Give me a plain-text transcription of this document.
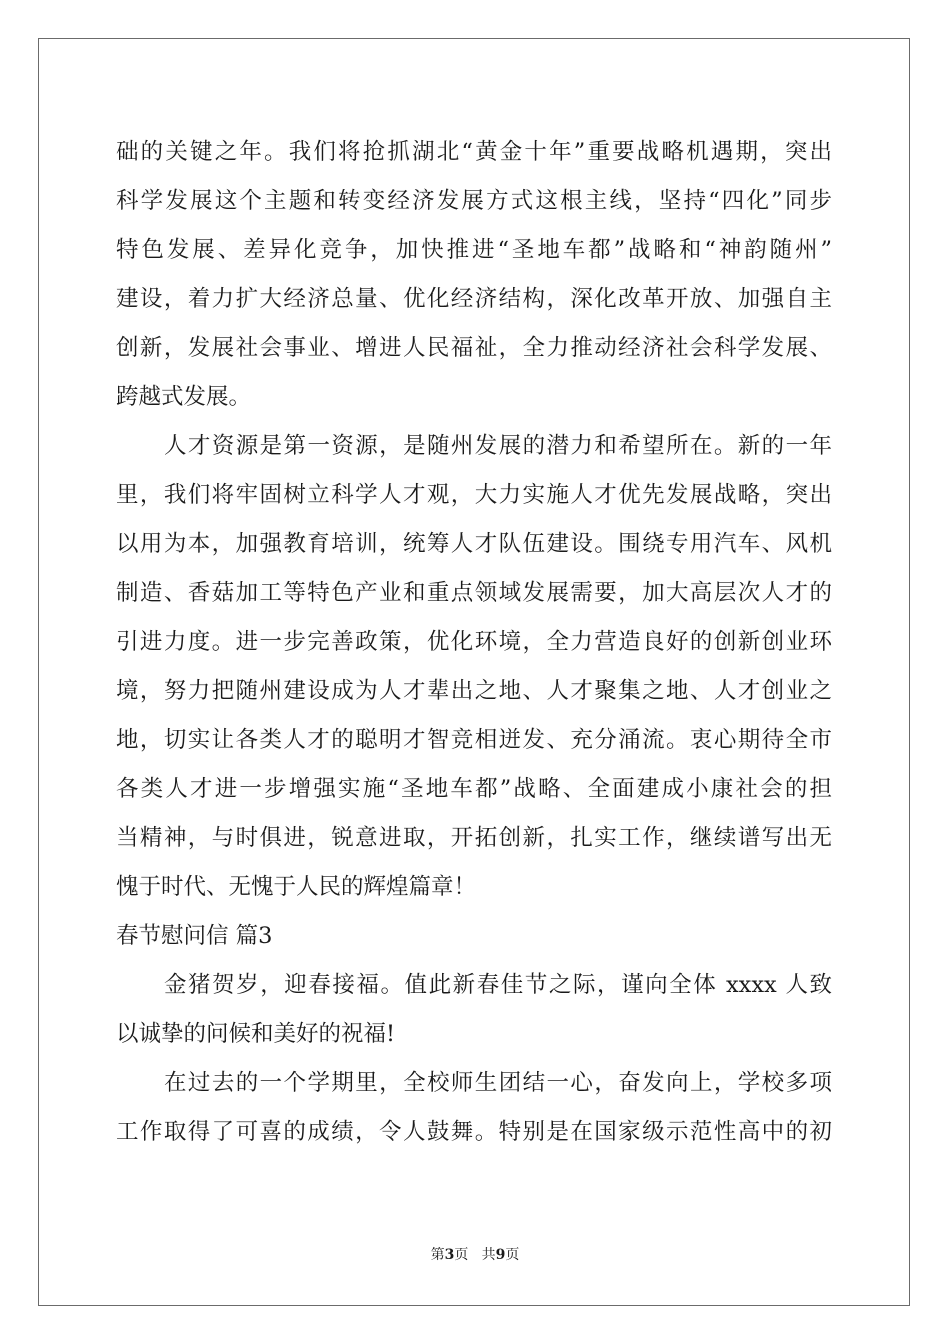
础的关键之年。我们将抢抓湖北“黄金十年”重要战略机遇期，突出
科学发展这个主题和转变经济发展方式这根主线，坚持“四化”同步
特色发展、差异化竞争，加快推进“圣地车都”战略和“神韵随州”
建设，着力扩大经济总量、优化经济结构，深化改革开放、加强自主
创新，发展社会事业、增进人民福祉，全力推动经济社会科学发展、
跨越式发展。
人才资源是第一资源，是随州发展的潜力和希望所在。新的一年
里，我们将牢固树立科学人才观，大力实施人才优先发展战略，突出
以用为本，加强教育培训，统筹人才队伍建设。围绕专用汽车、风机
制造、香菇加工等特色产业和重点领域发展需要，加大高层次人才的
引进力度。进一步完善政策，优化环境，全力营造良好的创新创业环
境，努力把随州建设成为人才辈出之地、人才聚集之地、人才创业之
地，切实让各类人才的聪明才智竞相迸发、充分涌流。衷心期待全市
各类人才进一步增强实施“圣地车都”战略、全面建成小康社会的担
当精神，与时俱进，锐意进取，开拓创新，扎实工作，继续谱写出无
愧于时代、无愧于人民的辉煌篇章！
春节慰问信 篇3
金猪贺岁，迎春接福。值此新春佳节之际，谨向全体 xxxx 人致
以诚挚的问候和美好的祝福!
在过去的一个学期里，全校师生团结一心，奋发向上，学校多项
工作取得了可喜的成绩，令人鼓舞。特别是在国家级示范性高中的初
第3页   共9页
